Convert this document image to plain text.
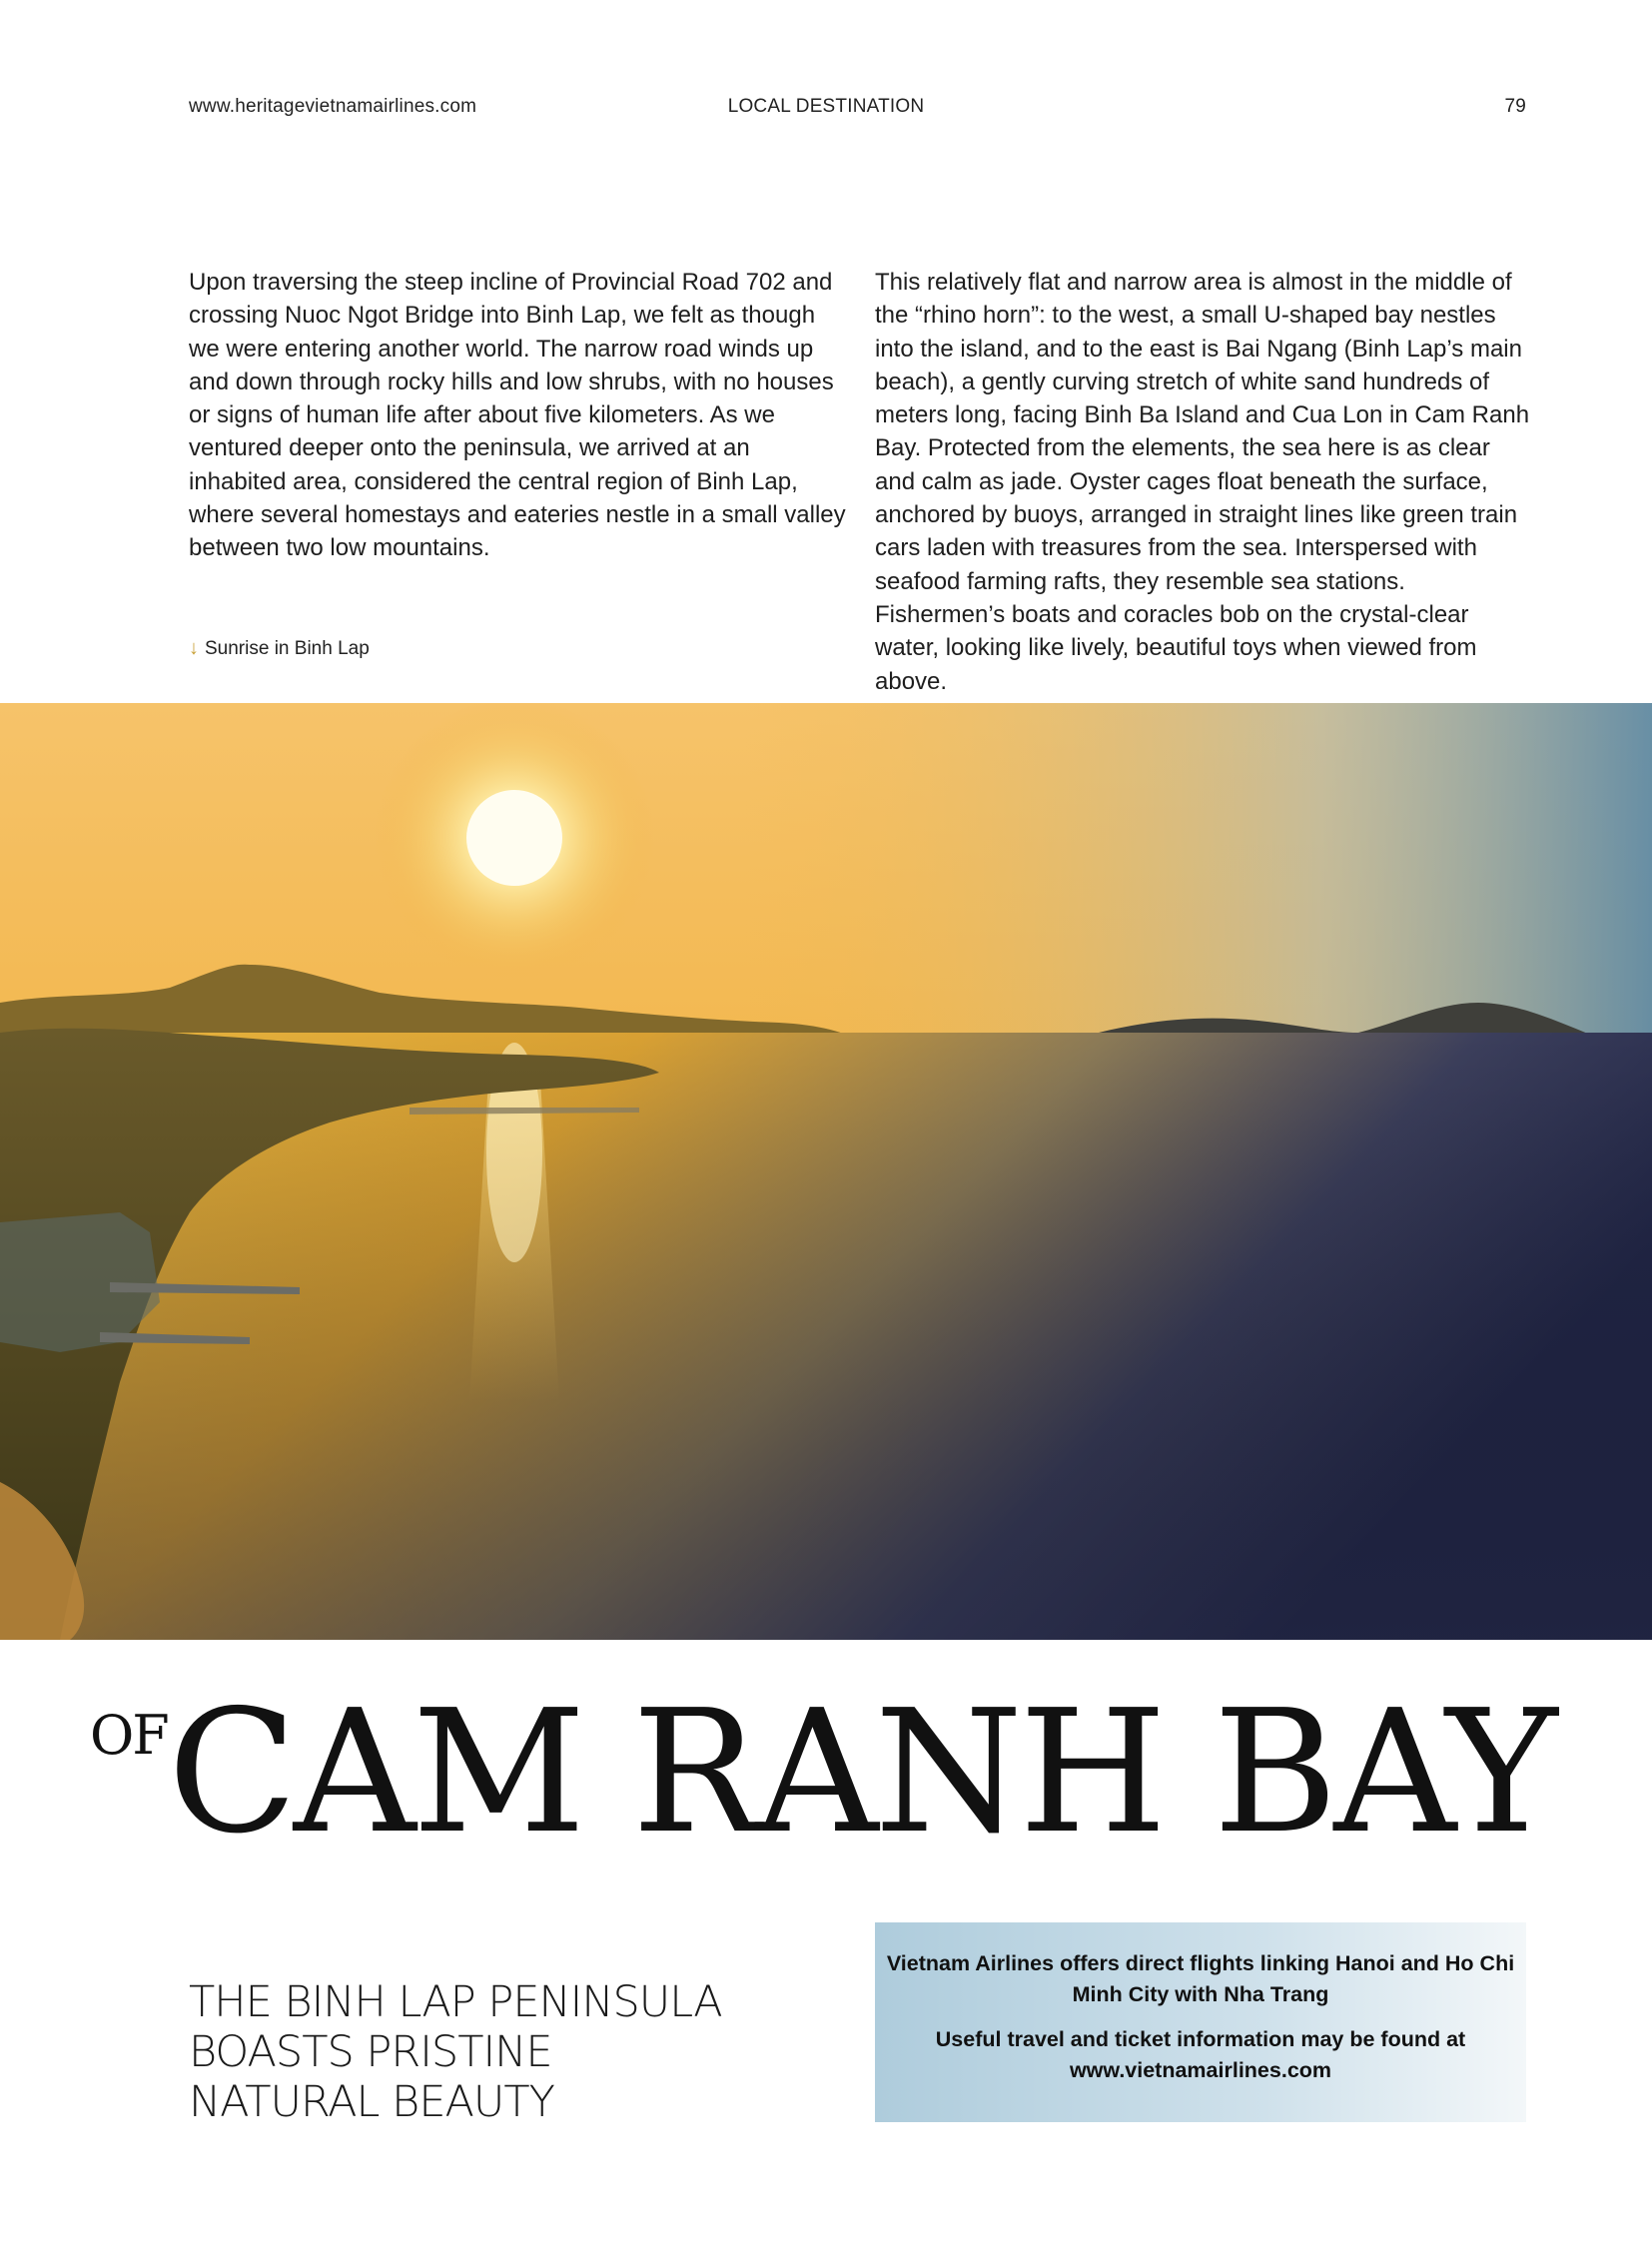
www.heritagevietnamairlines.com	LOCAL DESTINATION	79
Upon traversing the steep incline of Provincial Road 702 and crossing Nuoc Ngot Bridge into Binh Lap, we felt as though we were entering another world. The narrow road winds up and down through rocky hills and low shrubs, with no houses or signs of human life after about five kilometers. As we ventured deeper onto the peninsula, we arrived at an inhabited area, considered the central region of Binh Lap, where several homestays and eateries nestle in a small valley between two low mountains.
This relatively flat and narrow area is almost in the middle of the “rhino horn”: to the west, a small U-shaped bay nestles into the island, and to the east is Bai Ngang (Binh Lap’s main beach), a gently curving stretch of white sand hundreds of meters long, facing Binh Ba Island and Cua Lon in Cam Ranh Bay. Protected from the elements, the sea here is as clear and calm as jade. Oyster cages float beneath the surface, anchored by buoys, arranged in straight lines like green train cars laden with treasures from the sea. Interspersed with seafood farming rafts, they resemble sea stations. Fishermen’s boats and coracles bob on the crystal-clear water, looking like lively, beautiful toys when viewed from above.
↓ Sunrise in Binh Lap
OFCAM RANH BAY
THE BINH LAP PENINSULA
BOASTS PRISTINE
NATURAL BEAUTY

Vietnam Airlines offers direct flights linking Hanoi and Ho Chi Minh City with Nha Trang

Useful travel and ticket information may be found at www.vietnamairlines.com
